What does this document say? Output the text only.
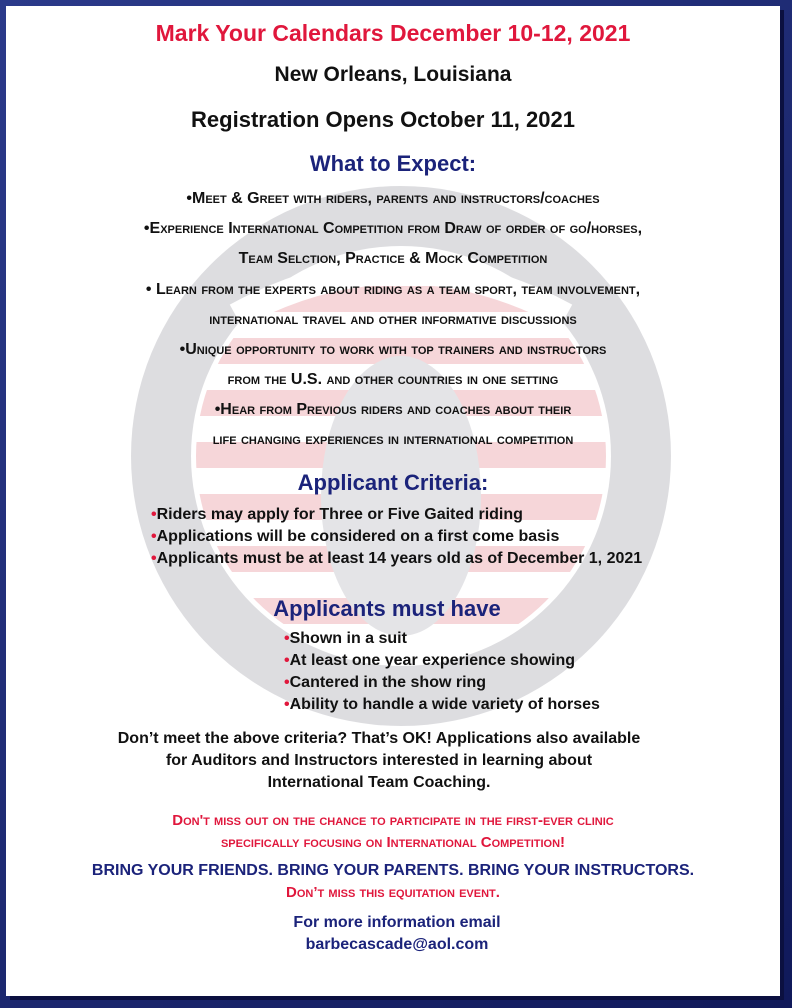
Mark Your Calendars December 10-12, 2021
New Orleans, Louisiana
Registration Opens October 11, 2021
What to Expect:
•Meet & Greet with riders, parents and instructors/coaches
•Experience International Competition from Draw of order of go/horses,
Team Selction, Practice & Mock Competition
• Learn from the experts about riding as a team sport, team involvement,
international travel and other informative discussions
•Unique opportunity to work with top trainers and instructors
from the U.S. and other countries in one setting
•Hear from Previous riders and coaches about their
life changing experiences in international competition
Applicant Criteria:
•Riders may apply for Three or Five Gaited riding
•Applications will be considered on a first come basis
•Applicants must be at least 14 years old as of December 1, 2021
Applicants must have
•Shown in a suit
•At least one year experience showing
•Cantered in the show ring
•Ability to handle a wide variety of horses
Don’t meet the above criteria? That’s OK! Applications also available
for Auditors and Instructors interested in learning about
International Team Coaching.
Don't miss out on the chance to participate in the first-ever clinic
specifically focusing on International Competition!
BRING YOUR FRIENDS. BRING YOUR PARENTS. BRING YOUR INSTRUCTORS.
Don’t miss this equitation event.
For more information email
barbecascade@aol.com
